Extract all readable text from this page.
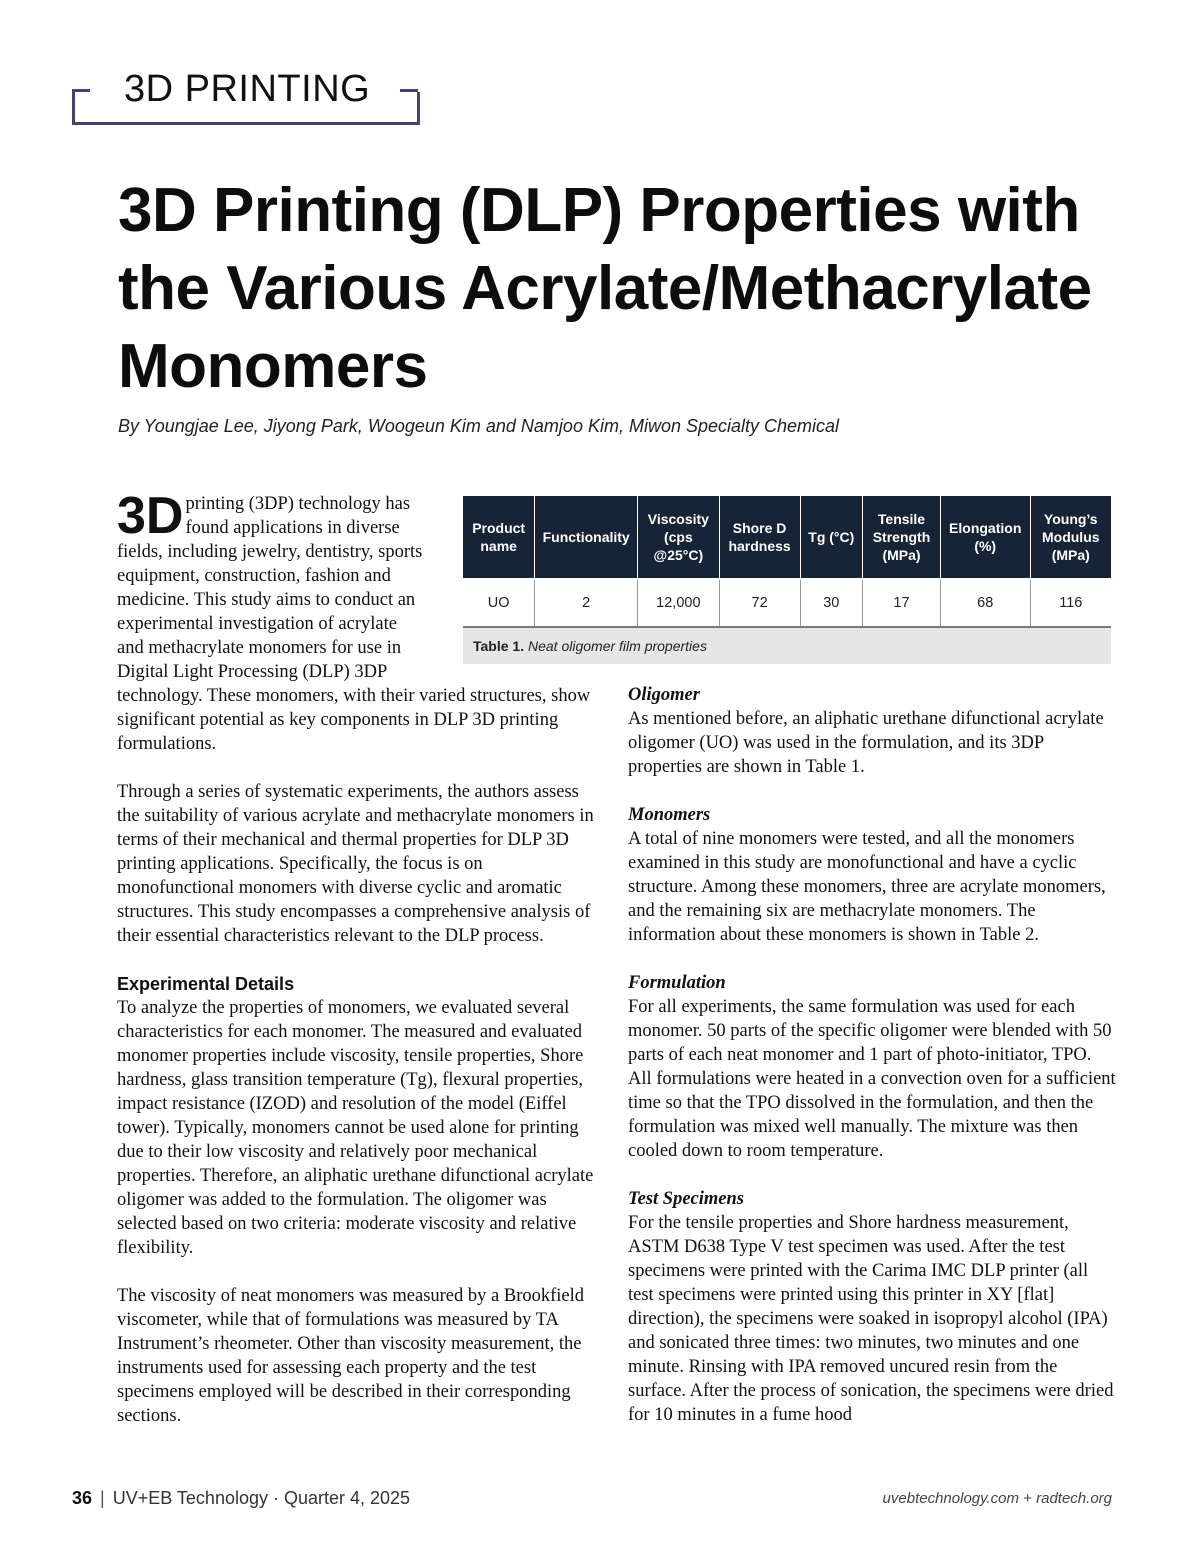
3D PRINTING
3D Printing (DLP) Properties with the Various Acrylate/Methacrylate Monomers
By Youngjae Lee, Jiyong Park, Woogeun Kim and Namjoo Kim, Miwon Specialty Chemical
Product name	Functionality	Viscosity (cps @25°C)	Shore D hardness	Tg (°C)	Tensile Strength (MPa)	Elongation (%)	Young’s Modulus (MPa)
UO	2	12,000	72	30	17	68	116
Table 1. Neat oligomer film properties
3D printing (3DP) technology has found applications in diverse fields, including jewelry, dentistry, sports equipment, construction, fashion and medicine. This study aims to conduct an experimental investigation of acrylate and methacrylate monomers for use in Digital Light Processing (DLP) 3DP technology. These monomers, with their varied structures, show significant potential as key components in DLP 3D printing formulations.

Through a series of systematic experiments, the authors assess the suitability of various acrylate and methacrylate monomers in terms of their mechanical and thermal properties for DLP 3D printing applications. Specifically, the focus is on monofunctional monomers with diverse cyclic and aromatic structures. This study encompasses a comprehensive analysis of their essential characteristics relevant to the DLP process.

Experimental Details

To analyze the properties of monomers, we evaluated several characteristics for each monomer. The measured and evaluated monomer properties include viscosity, tensile properties, Shore hardness, glass transition temperature (Tg), flexural properties, impact resistance (IZOD) and resolution of the model (Eiffel tower). Typically, monomers cannot be used alone for printing due to their low viscosity and relatively poor mechanical properties. Therefore, an aliphatic urethane difunctional acrylate oligomer was added to the formulation. The oligomer was selected based on two criteria: moderate viscosity and relative flexibility.

The viscosity of neat monomers was measured by a Brookfield viscometer, while that of formulations was measured by TA Instrument’s rheometer. Other than viscosity measurement, the instruments used for assessing each property and the test specimens employed will be described in their corresponding sections.

Oligomer

As mentioned before, an aliphatic urethane difunctional acrylate oligomer (UO) was used in the formulation, and its 3DP properties are shown in Table 1.

Monomers

A total of nine monomers were tested, and all the monomers examined in this study are monofunctional and have a cyclic structure. Among these monomers, three are acrylate monomers, and the remaining six are methacrylate monomers. The information about these monomers is shown in Table 2.

Formulation

For all experiments, the same formulation was used for each monomer. 50 parts of the specific oligomer were blended with 50 parts of each neat monomer and 1 part of photo-initiator, TPO. All formulations were heated in a convection oven for a sufficient time so that the TPO dissolved in the formulation, and then the formulation was mixed well manually. The mixture was then cooled down to room temperature.

Test Specimens

For the tensile properties and Shore hardness measurement, ASTM D638 Type V test specimen was used. After the test specimens were printed with the Carima IMC DLP printer (all test specimens were printed using this printer in XY [flat] direction), the specimens were soaked in isopropyl alcohol (IPA) and sonicated three times: two minutes, two minutes and one minute. Rinsing with IPA removed uncured resin from the surface. After the process of sonication, the specimens were dried for 10 minutes in a fume hood

36 | UV+EB Technology · Quarter 4, 2025	uvebtechnology.com + radtech.org
